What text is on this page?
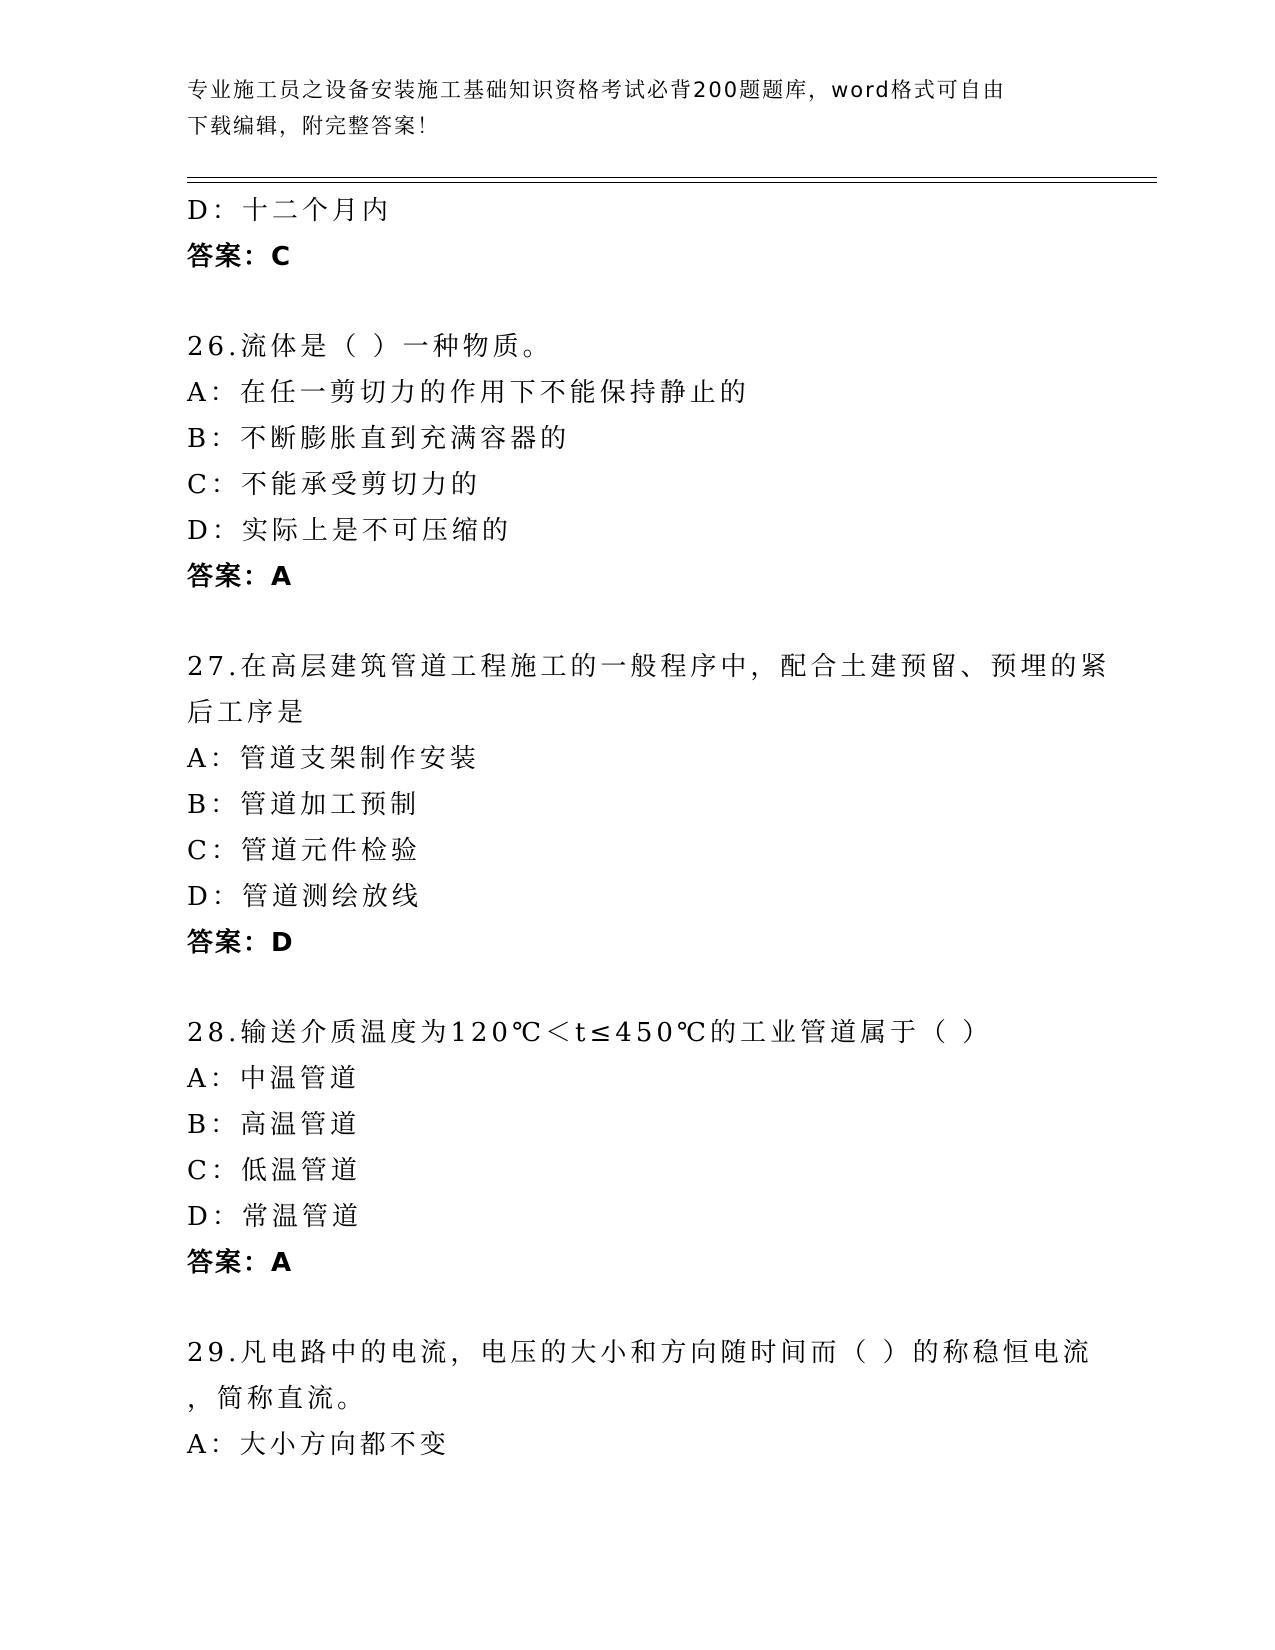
专业施工员之设备安装施工基础知识资格考试必背200题题库，word格式可自由
下载编辑，附完整答案！
D：十二个月内
答案：C
26.流体是（ ）一种物质。
A：在任一剪切力的作用下不能保持静止的
B：不断膨胀直到充满容器的
C：不能承受剪切力的
D：实际上是不可压缩的
答案：A
27.在高层建筑管道工程施工的一般程序中，配合土建预留、预埋的紧
后工序是
A：管道支架制作安装
B：管道加工预制
C：管道元件检验
D：管道测绘放线
答案：D
28.输送介质温度为120℃＜t≤450℃的工业管道属于（ ）
A：中温管道
B：高温管道
C：低温管道
D：常温管道
答案：A
29.凡电路中的电流，电压的大小和方向随时间而（ ）的称稳恒电流
，简称直流。
A：大小方向都不变
